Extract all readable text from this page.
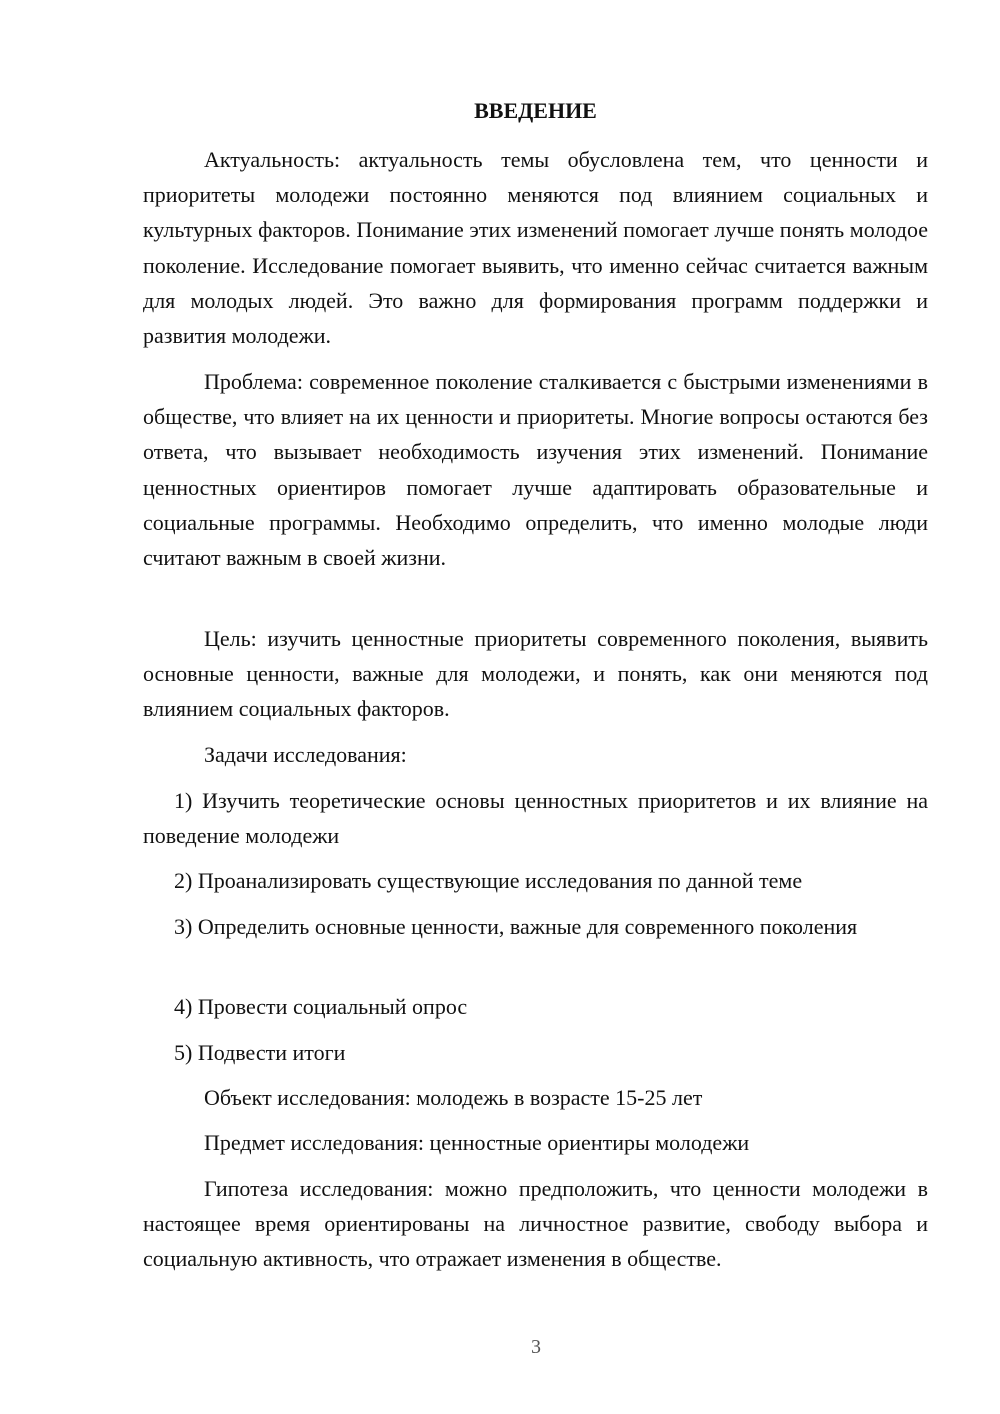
ВВЕДЕНИЕ

Актуальность: актуальность темы обусловлена тем, что ценности и приоритеты молодежи постоянно меняются под влиянием социальных и культурных факторов. Понимание этих изменений помогает лучше понять молодое поколение. Исследование помогает выявить, что именно сейчас считается важным для молодых людей. Это важно для формирования программ поддержки и развития молодежи.

Проблема: современное поколение сталкивается с быстрыми изменениями в обществе, что влияет на их ценности и приоритеты. Многие вопросы остаются без ответа, что вызывает необходимость изучения этих изменений. Понимание ценностных ориентиров помогает лучше адаптировать образовательные и социальные программы. Необходимо определить, что именно молодые люди считают важным в своей жизни.

Цель: изучить ценностные приоритеты современного поколения, выявить основные ценности, важные для молодежи, и понять, как они меняются под влиянием социальных факторов.

Задачи исследования:

1) Изучить теоретические основы ценностных приоритетов и их влияние на поведение молодежи

2) Проанализировать существующие исследования по данной теме

3) Определить основные ценности, важные для современного поколения

4) Провести социальный опрос

5) Подвести итоги

Объект исследования: молодежь в возрасте 15-25 лет

Предмет исследования: ценностные ориентиры молодежи

Гипотеза исследования: можно предположить, что ценности молодежи в настоящее время ориентированы на личностное развитие, свободу выбора и социальную активность, что отражает изменения в обществе.

3
